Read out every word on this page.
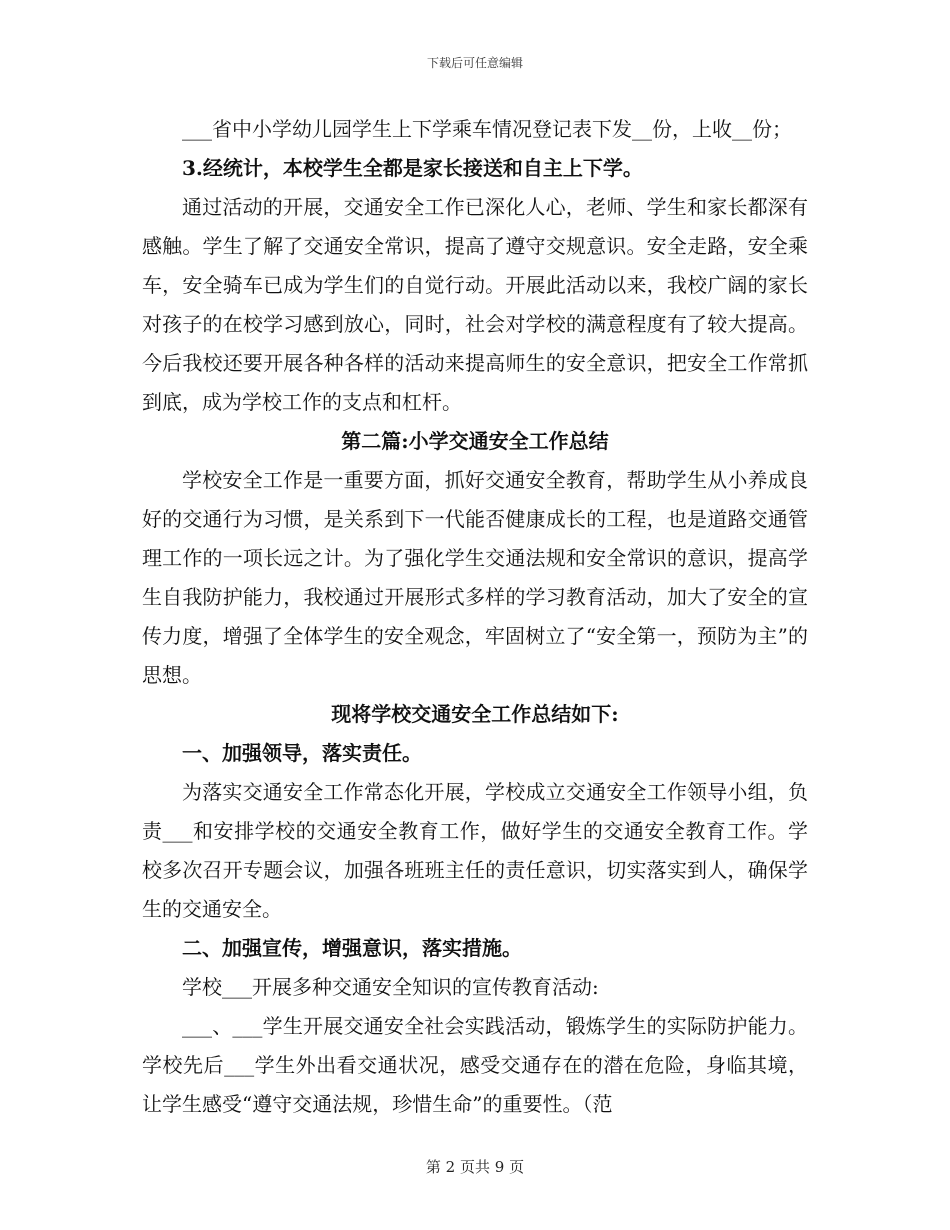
下载后可任意编辑

___省中小学幼儿园学生上下学乘车情况登记表下发__份，上收__份；

3.经统计，本校学生全都是家长接送和自主上下学。

通过活动的开展，交通安全工作已深化人心，老师、学生和家长都深有感触。学生了解了交通安全常识，提高了遵守交规意识。安全走路，安全乘车，安全骑车已成为学生们的自觉行动。开展此活动以来，我校广阔的家长对孩子的在校学习感到放心，同时，社会对学校的满意程度有了较大提高。今后我校还要开展各种各样的活动来提高师生的安全意识，把安全工作常抓到底，成为学校工作的支点和杠杆。

第二篇:小学交通安全工作总结

学校安全工作是一重要方面，抓好交通安全教育，帮助学生从小养成良好的交通行为习惯，是关系到下一代能否健康成长的工程，也是道路交通管理工作的一项长远之计。为了强化学生交通法规和安全常识的意识，提高学生自我防护能力，我校通过开展形式多样的学习教育活动，加大了安全的宣传力度，增强了全体学生的安全观念，牢固树立了“安全第一，预防为主”的思想。

现将学校交通安全工作总结如下:

一、加强领导，落实责任。

为落实交通安全工作常态化开展，学校成立交通安全工作领导小组，负责___和安排学校的交通安全教育工作，做好学生的交通安全教育工作。学校多次召开专题会议，加强各班班主任的责任意识，切实落实到人，确保学生的交通安全。

二、加强宣传，增强意识，落实措施。

学校___开展多种交通安全知识的宣传教育活动:

___、___学生开展交通安全社会实践活动，锻炼学生的实际防护能力。学校先后___学生外出看交通状况，感受交通存在的潜在危险，身临其境，让学生感受“遵守交通法规，珍惜生命”的重要性。（范

第 2 页共 9 页
